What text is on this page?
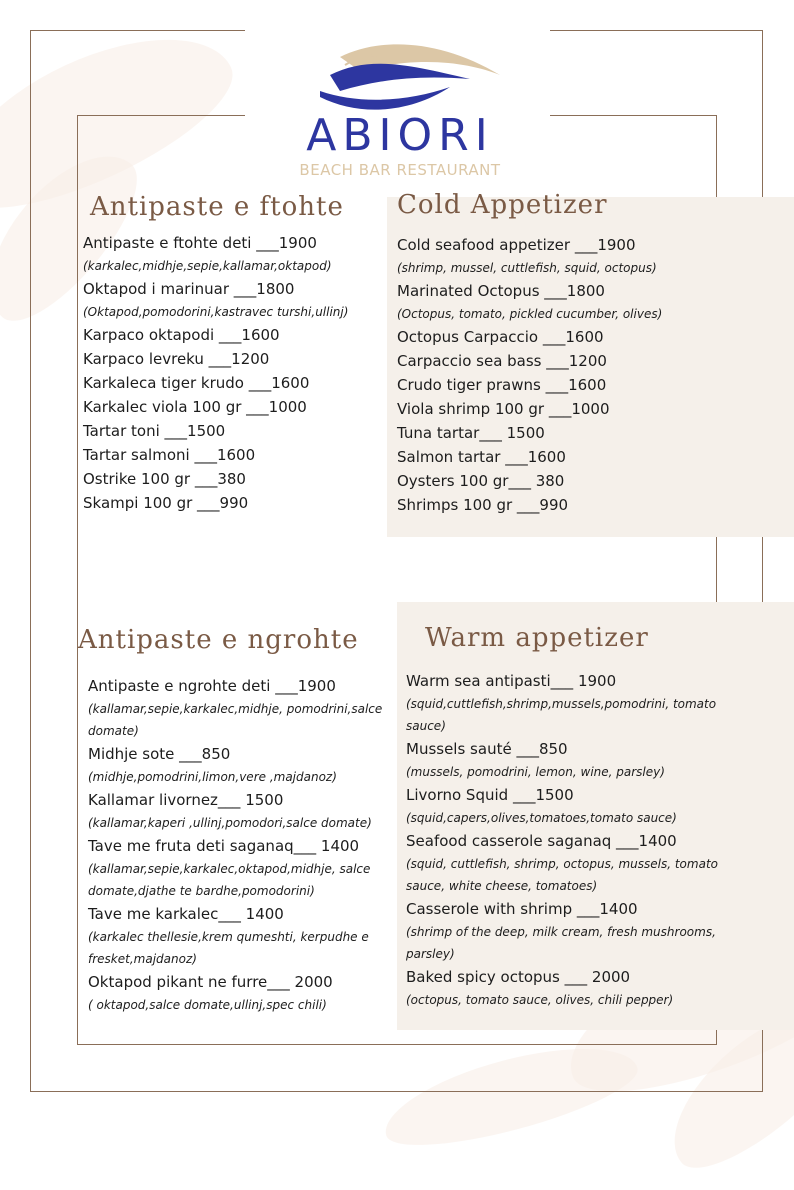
ABIORI
BEACH BAR RESTAURANT
Antipaste e ftohte
Antipaste e ftohte deti ___1900
(karkalec,midhje,sepie,kallamar,oktapod)
Oktapod i marinuar ___1800
(Oktapod,pomodorini,kastravec turshi,ullinj)
Karpaco oktapodi ___1600
Karpaco levreku ___1200
Karkaleca tiger krudo ___1600
Karkalec viola 100 gr ___1000
Tartar toni ___1500
Tartar salmoni ___1600
Ostrike 100 gr ___380
Skampi 100 gr ___990
Cold Appetizer
Cold seafood appetizer ___1900
(shrimp, mussel, cuttlefish, squid, octopus)
Marinated Octopus ___1800
(Octopus, tomato, pickled cucumber, olives)
Octopus Carpaccio ___1600
Carpaccio sea bass ___1200
Crudo tiger prawns ___1600
Viola shrimp 100 gr ___1000
Tuna tartar___ 1500
Salmon tartar ___1600
Oysters 100 gr___ 380
Shrimps 100 gr ___990
Antipaste e ngrohte
Antipaste e ngrohte deti ___1900
(kallamar,sepie,karkalec,midhje, pomodrini,salce domate)
Midhje sote ___850
(midhje,pomodrini,limon,vere ,majdanoz)
Kallamar livornez___ 1500
(kallamar,kaperi ,ullinj,pomodori,salce domate)
Tave me fruta deti saganaq___ 1400
(kallamar,sepie,karkalec,oktapod,midhje, salce domate,djathe te bardhe,pomodorini)
Tave me karkalec___ 1400
(karkalec thellesie,krem qumeshti, kerpudhe e fresket,majdanoz)
Oktapod pikant ne furre___ 2000
( oktapod,salce domate,ullinj,spec chili)
Warm appetizer
Warm sea antipasti___ 1900
(squid,cuttlefish,shrimp,mussels,pomodrini, tomato sauce)
Mussels sauté ___850
(mussels, pomodrini, lemon, wine, parsley)
Livorno Squid ___1500
(squid,capers,olives,tomatoes,tomato sauce)
Seafood casserole saganaq ___1400
(squid, cuttlefish, shrimp, octopus, mussels, tomato sauce, white cheese, tomatoes)
Casserole with shrimp ___1400
(shrimp of the deep, milk cream, fresh mushrooms, parsley)
Baked spicy octopus ___ 2000
(octopus, tomato sauce, olives, chili pepper)
